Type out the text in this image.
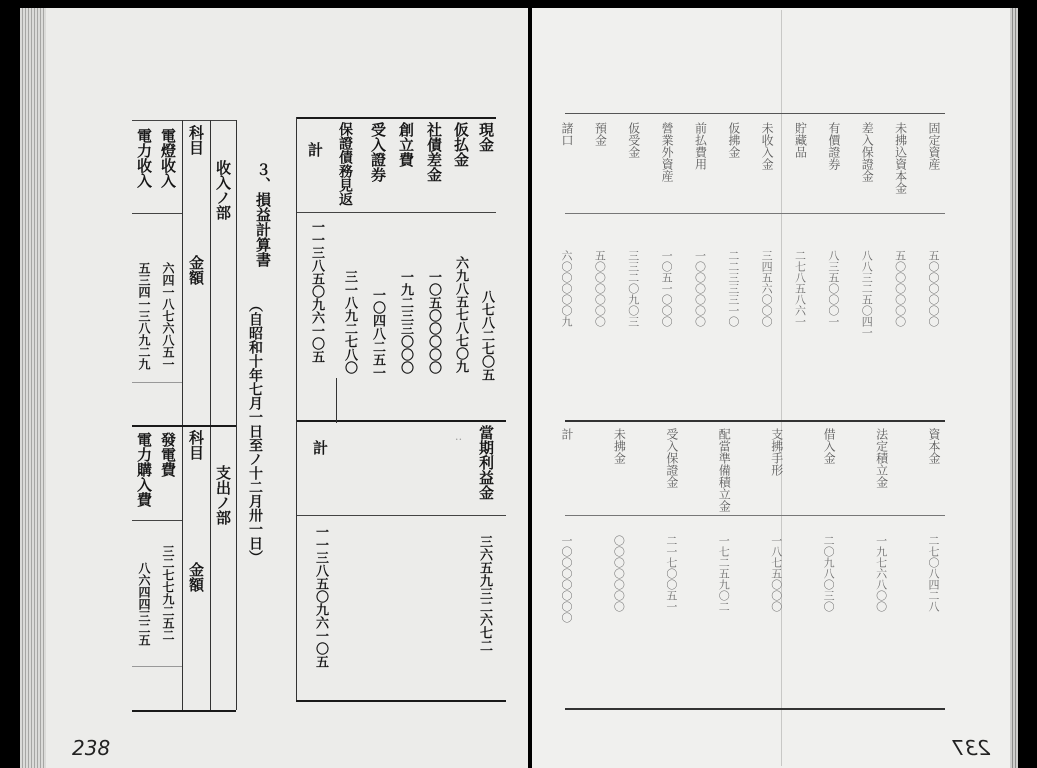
現金
仮払金
社債差金
創立費
受入證券
保證債務見返
計
八七八二七〇五
六九八五七八七〇九
一〇五〇〇〇〇〇
一九二三三〇〇〇
一〇四八二五一
三一八九二七八〇
一一三八五〇九六一〇五
當期利益金
‥
三六五九三二六七二
計
一一三八五〇九六一〇五
３、損益計算書
（自昭和十年七月一日至ノ十二月卅一日）
收入ノ部
科目
金額
電燈收入
電力收入
六四一八七六八五一
五三四一三八九二九
支出ノ部
科目
金額
發電費
電力購入費
三二七七九二五二
八六四四三二五
238
固定資産
五〇〇〇〇〇〇
未拂込資本金
五〇〇〇〇〇〇
差入保證金
八八三二五〇四一
有價證券
八三五〇〇〇一
貯藏品
二七八五八六一
未收入金
三四五六〇〇〇
仮拂金
二二三三三一〇
前払費用
一〇〇〇〇〇〇
營業外資産
一〇五一〇〇〇
仮受金
三三二〇九〇三
預金
五〇〇〇〇〇〇
諸口
六〇〇〇〇〇九
資本金
二七〇八四二八
法定積立金
一九七六八〇〇
借入金
二〇九八〇三〇
支拂手形
一八七五〇〇〇
配當準備積立金
一七二五九〇二
受入保證金
二一七〇〇五一
未拂金
〇〇〇〇〇〇〇
計
一〇〇〇〇〇〇〇
237
